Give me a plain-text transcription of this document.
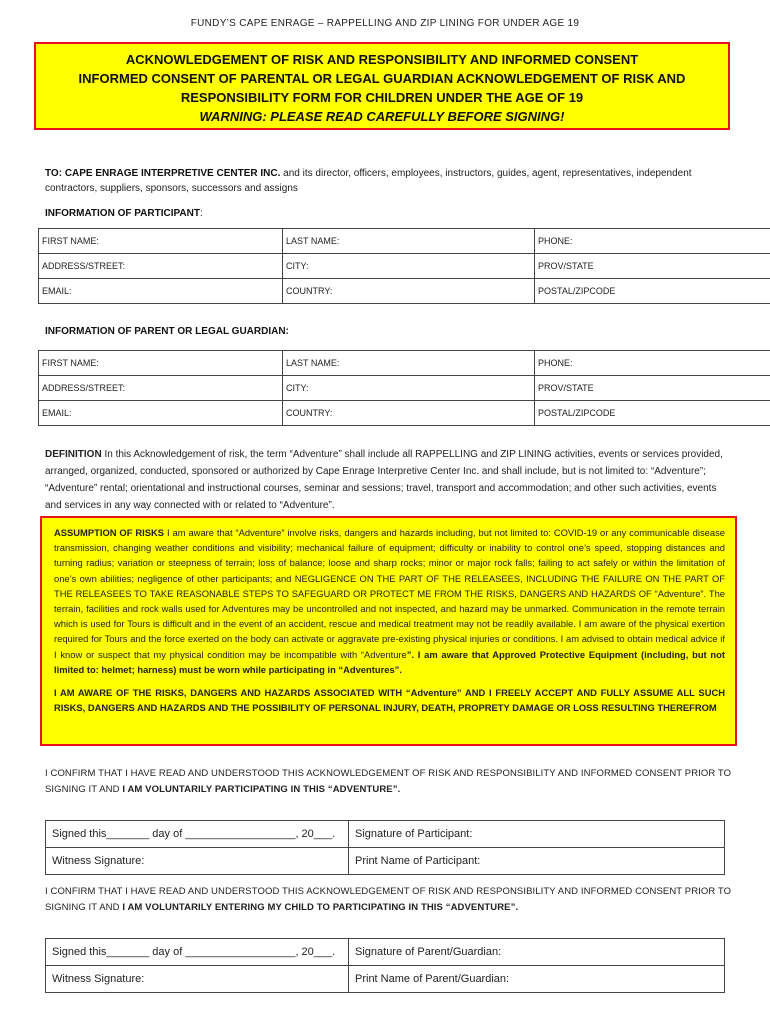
FUNDY’S CAPE ENRAGE – RAPPELLING AND ZIP LINING FOR UNDER AGE 19
ACKNOWLEDGEMENT OF RISK AND RESPONSIBILITY AND INFORMED CONSENT
INFORMED CONSENT OF PARENTAL OR LEGAL GUARDIAN ACKNOWLEDGEMENT OF RISK AND
RESPONSIBILITY FORM FOR CHILDREN UNDER THE AGE OF 19
WARNING: PLEASE READ CAREFULLY BEFORE SIGNING!
TO: CAPE ENRAGE INTERPRETIVE CENTER INC. and its director, officers, employees, instructors, guides, agent, representatives, independent contractors, suppliers, sponsors, successors and assigns
INFORMATION OF PARTICIPANT:
FIRST NAME:	LAST NAME:	PHONE:
ADDRESS/STREET:	CITY:	PROV/STATE
EMAIL:	COUNTRY:	POSTAL/ZIPCODE
INFORMATION OF PARENT OR LEGAL GUARDIAN:
FIRST NAME:	LAST NAME:	PHONE:
ADDRESS/STREET:	CITY:	PROV/STATE
EMAIL:	COUNTRY:	POSTAL/ZIPCODE
DEFINITION In this Acknowledgement of risk, the term “Adventure” shall include all RAPPELLING and ZIP LINING activities, events or services provided, arranged, organized, conducted, sponsored or authorized by Cape Enrage Interpretive Center Inc. and shall include, but is not limited to: “Adventure”; “Adventure” rental; orientational and instructional courses, seminar and sessions; travel, transport and accommodation; and other such activities, events and services in any way connected with or related to “Adventure”.

ASSUMPTION OF RISKS I am aware that “Adventure” involve risks, dangers and hazards including, but not limited to: COVID-19 or any communicable disease transmission, changing weather conditions and visibility; mechanical failure of equipment; difficulty or inability to control one’s speed, stopping distances and turning radius; variation or steepness of terrain; loss of balance; loose and sharp rocks; minor or major rock falls; failing to act safely or within the limitation of one’s own abilities; negligence of other participants; and NEGLIGENCE ON THE PART OF THE RELEASEES, INCLUDING THE FAILURE ON THE PART OF THE RELEASEES TO TAKE REASONABLE STEPS TO SAFEGUARD OR PROTECT ME FROM THE RISKS, DANGERS AND HAZARDS OF “Adventure”. The terrain, facilities and rock walls used for Adventures may be uncontrolled and not inspected, and hazard may be unmarked. Communication in the remote terrain which is used for Tours is difficult and in the event of an accident, rescue and medical treatment may not be readily available. I am aware of the physical exertion required for Tours and the force exerted on the body can activate or aggravate pre-existing physical injuries or conditions. I am advised to obtain medical advice if I know or suspect that my physical condition may be incompatible with “Adventure”. I am aware that Approved Protective Equipment (including, but not limited to: helmet; harness) must be worn while participating in “Adventures”.

I AM AWARE OF THE RISKS, DANGERS AND HAZARDS ASSOCIATED WITH “Adventure” AND I FREELY ACCEPT AND FULLY ASSUME ALL SUCH RISKS, DANGERS AND HAZARDS AND THE POSSIBILITY OF PERSONAL INJURY, DEATH, PROPRETY DAMAGE OR LOSS RESULTING THEREFROM

I CONFIRM THAT I HAVE READ AND UNDERSTOOD THIS ACKNOWLEDGEMENT OF RISK AND RESPONSIBILITY AND INFORMED CONSENT PRIOR TO SIGNING IT AND I AM VOLUNTARILY PARTICIPATING IN THIS “ADVENTURE”.
Signed this_______ day of __________________, 20___.	Signature of Participant:
Witness Signature:	Print Name of Participant:
I CONFIRM THAT I HAVE READ AND UNDERSTOOD THIS ACKNOWLEDGEMENT OF RISK AND RESPONSIBILITY AND INFORMED CONSENT PRIOR TO SIGNING IT AND I AM VOLUNTARILY ENTERING MY CHILD TO PARTICIPATING IN THIS “ADVENTURE”.
Signed this_______ day of __________________, 20___.	Signature of Parent/Guardian:
Witness Signature:	Print Name of Parent/Guardian:
